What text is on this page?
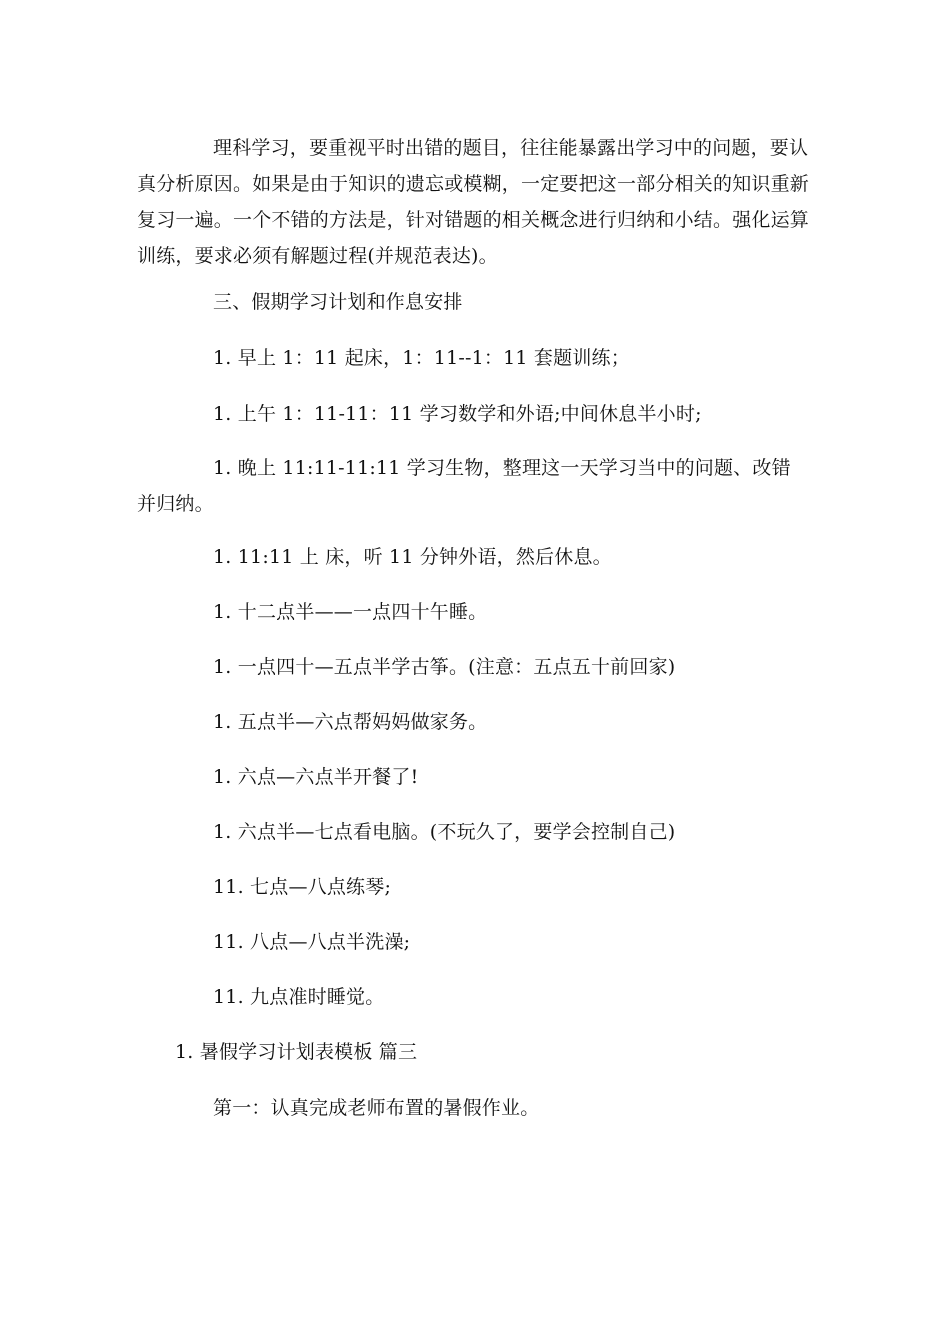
理科学习，要重视平时出错的题目，往往能暴露出学习中的问题，要认真分析原因。如果是由于知识的遗忘或模糊，一定要把这一部分相关的知识重新复习一遍。一个不错的方法是，针对错题的相关概念进行归纳和小结。强化运算训练，要求必须有解题过程(并规范表达)。

三、假期学习计划和作息安排

1. 早上 1：11 起床，1：11--1：11 套题训练；

1. 上午 1：11-11：11 学习数学和外语;中间休息半小时;

1. 晚上 11:11-11:11 学习生物，整理这一天学习当中的问题、改错并归纳。

1. 11:11 上 床，听 11 分钟外语，然后休息。

1. 十二点半——一点四十午睡。

1. 一点四十—五点半学古筝。(注意：五点五十前回家)

1. 五点半—六点帮妈妈做家务。

1. 六点—六点半开餐了!

1. 六点半—七点看电脑。(不玩久了，要学会控制自己)

11. 七点—八点练琴;

11. 八点—八点半洗澡;

11. 九点准时睡觉。

1. 暑假学习计划表模板 篇三

第一：认真完成老师布置的暑假作业。
